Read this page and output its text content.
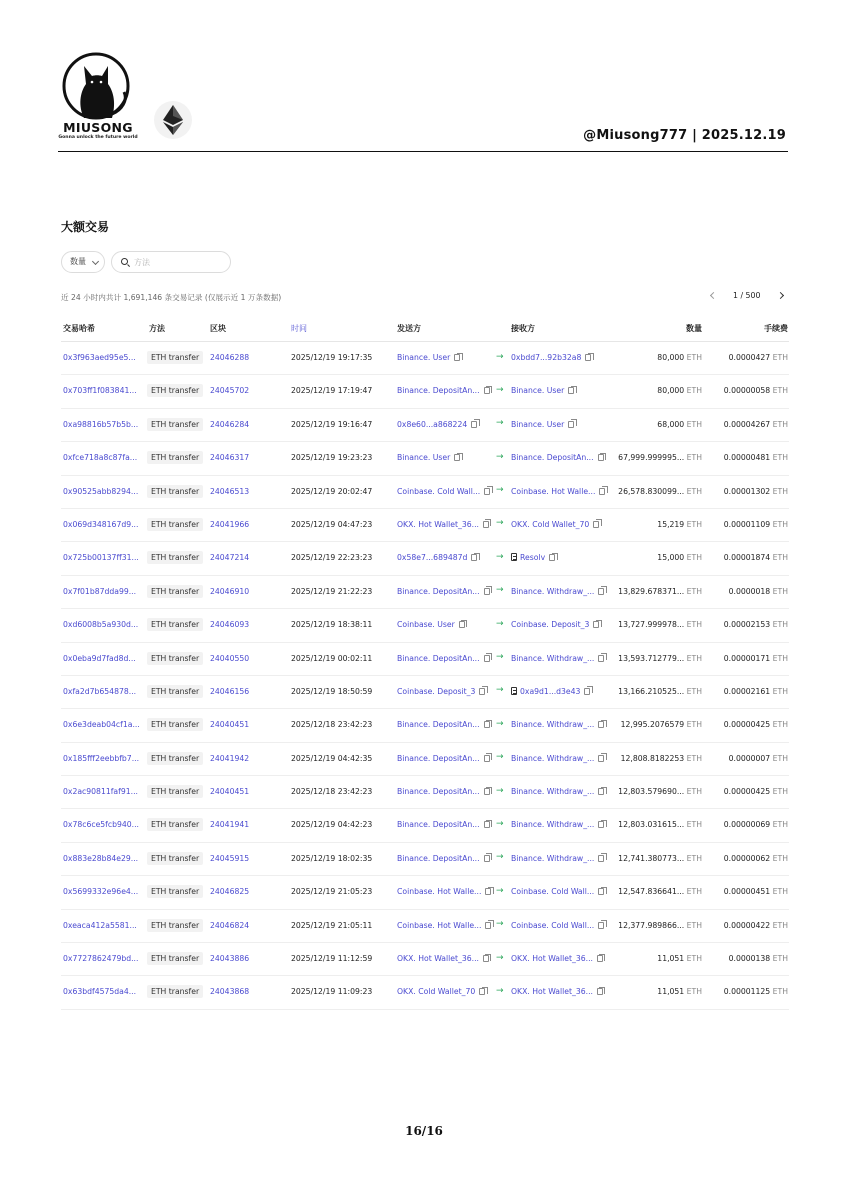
MIUSONG
Gonna unlock the future world	@Miusong777 | 2025.12.19
大额交易
数量
方法
近 24 小时内共计 1,691,146 条交易记录 (仅展示近 1 万条数据)	1 / 500
交易哈希	方法	区块	时间	发送方	接收方	数量	手续费
0x3f963aed95e5...	ETH transfer	24046288	2025/12/19 19:17:35	Binance. User	→ 0xbdd7...92b32a8	80,000 ETH	0.0000427 ETH
0x703ff1f083841...	ETH transfer	24045702	2025/12/19 17:19:47	Binance. DepositAn...	→ Binance. User	80,000 ETH	0.00000058 ETH
0xa98816b57b5b...	ETH transfer	24046284	2025/12/19 19:16:47	0x8e60...a868224	→ Binance. User	68,000 ETH	0.00004267 ETH
0xfce718a8c87fa...	ETH transfer	24046317	2025/12/19 19:23:23	Binance. User	→ Binance. DepositAn...	67,999.999995... ETH	0.00000481 ETH
0x90525abb8294...	ETH transfer	24046513	2025/12/19 20:02:47	Coinbase. Cold Wall...	→ Coinbase. Hot Walle...	26,578.830099... ETH	0.00001302 ETH
0x069d348167d9...	ETH transfer	24041966	2025/12/19 04:47:23	OKX. Hot Wallet_36...	→ OKX. Cold Wallet_70	15,219 ETH	0.00001109 ETH
0x725b00137ff31...	ETH transfer	24047214	2025/12/19 22:23:23	0x58e7...689487d	→	Resolv	15,000 ETH	0.00001874 ETH
0x7f01b87dda99...	ETH transfer	24046910	2025/12/19 21:22:23	Binance. DepositAn...	→ Binance. Withdraw_...	13,829.678371... ETH	0.0000018 ETH
0xd6008b5a930d...	ETH transfer	24046093	2025/12/19 18:38:11	Coinbase. User	→ Coinbase. Deposit_3	13,727.999978... ETH	0.00002153 ETH
0x0eba9d7fad8d...	ETH transfer	24040550	2025/12/19 00:02:11	Binance. DepositAn...	→ Binance. Withdraw_...	13,593.712779... ETH	0.00000171 ETH
0xfa2d7b654878...	ETH transfer	24046156	2025/12/19 18:50:59	Coinbase. Deposit_3	→	0xa9d1...d3e43	13,166.210525... ETH	0.00002161 ETH
0x6e3deab04cf1a...	ETH transfer	24040451	2025/12/18 23:42:23	Binance. DepositAn...	→ Binance. Withdraw_...	12,995.2076579 ETH	0.00000425 ETH
0x185fff2eebbfb7...	ETH transfer	24041942	2025/12/19 04:42:35	Binance. DepositAn...	→ Binance. Withdraw_...	12,808.8182253 ETH	0.0000007 ETH
0x2ac90811faf91...	ETH transfer	24040451	2025/12/18 23:42:23	Binance. DepositAn...	→ Binance. Withdraw_...	12,803.579690... ETH	0.00000425 ETH
0x78c6ce5fcb940...	ETH transfer	24041941	2025/12/19 04:42:23	Binance. DepositAn...	→ Binance. Withdraw_...	12,803.031615... ETH	0.00000069 ETH
0x883e28b84e29...	ETH transfer	24045915	2025/12/19 18:02:35	Binance. DepositAn...	→ Binance. Withdraw_...	12,741.380773... ETH	0.00000062 ETH
0x5699332e96e4...	ETH transfer	24046825	2025/12/19 21:05:23	Coinbase. Hot Walle...	→ Coinbase. Cold Wall...	12,547.836641... ETH	0.00000451 ETH
0xeaca412a5581...	ETH transfer	24046824	2025/12/19 21:05:11	Coinbase. Hot Walle...	→ Coinbase. Cold Wall...	12,377.989866... ETH	0.00000422 ETH
0x7727862479bd...	ETH transfer	24043886	2025/12/19 11:12:59	OKX. Hot Wallet_36...	→ OKX. Hot Wallet_36...	11,051 ETH	0.0000138 ETH
0x63bdf4575da4...	ETH transfer	24043868	2025/12/19 11:09:23	OKX. Cold Wallet_70	→ OKX. Hot Wallet_36...	11,051 ETH	0.00001125 ETH
16/16
